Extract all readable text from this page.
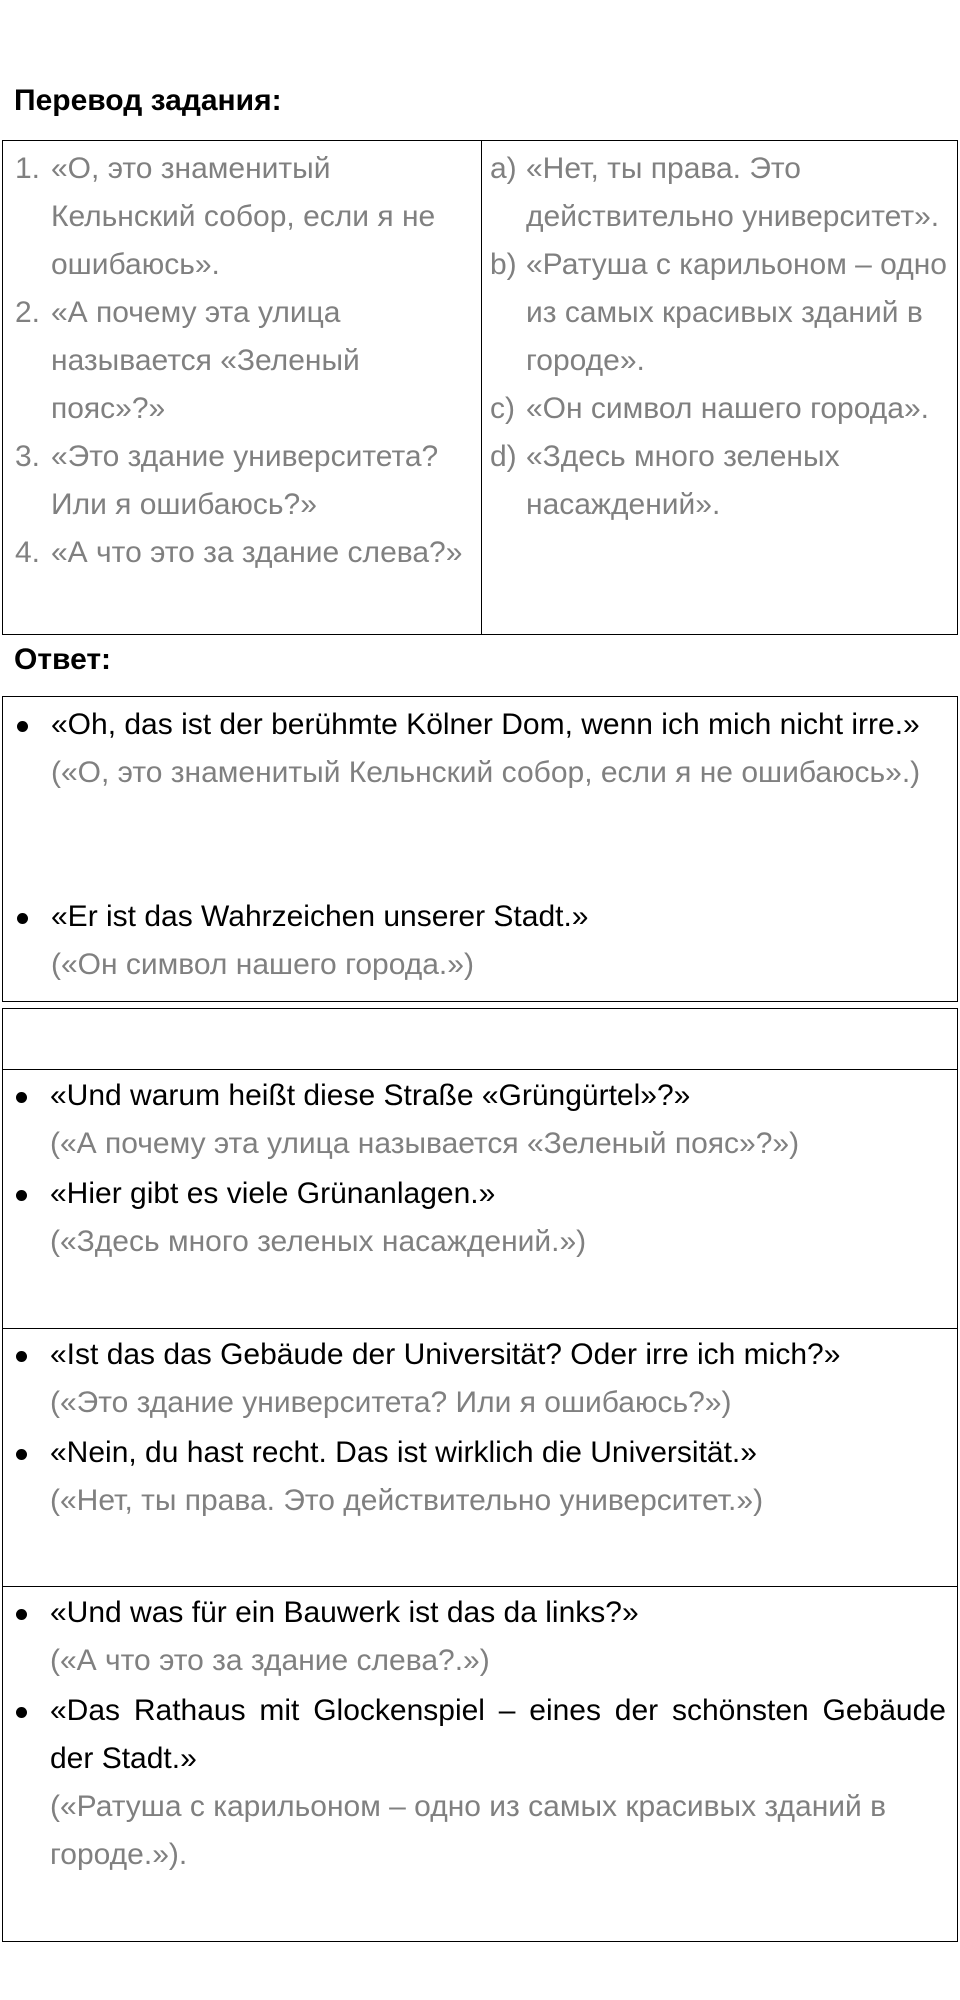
Перевод задания:
1. «О, это знаменитый Кельнский собор, если я не ошибаюсь».
2. «А почему эта улица называется «Зеленый пояс»?»
3. «Это здание университета? Или я ошибаюсь?»
4. «А что это за здание слева?»
a) «Нет, ты права. Это действительно университет».
b) «Ратуша с карильоном – одно из самых красивых зданий в городе».
c) «Он символ нашего города».
d) «Здесь много зеленых насаждений».
Ответ:
«Oh, das ist der berühmte Kölner Dom, wenn ich mich nicht irre.»
(«О, это знаменитый Кельнский собор, если я не ошибаюсь».)
«Er ist das Wahrzeichen unserer Stadt.»
(«Он символ нашего города.»)
«Und warum heißt diese Straße «Grüngürtel»?»
(«А почему эта улица называется «Зеленый пояс»?»)
«Hier gibt es viele Grünanlagen.»
(«Здесь много зеленых насаждений.»)
«Ist das das Gebäude der Universität? Oder irre ich mich?»
(«Это здание университета? Или я ошибаюсь?»)
«Nein, du hast recht. Das ist wirklich die Universität.»
(«Нет, ты права. Это действительно университет.»)
«Und was für ein Bauwerk ist das da links?»
(«А что это за здание слева?.»)
«Das Rathaus mit Glockenspiel – eines der schönsten Gebäude der Stadt.»
(«Ратуша с карильоном – одно из самых красивых зданий в городе.»).
